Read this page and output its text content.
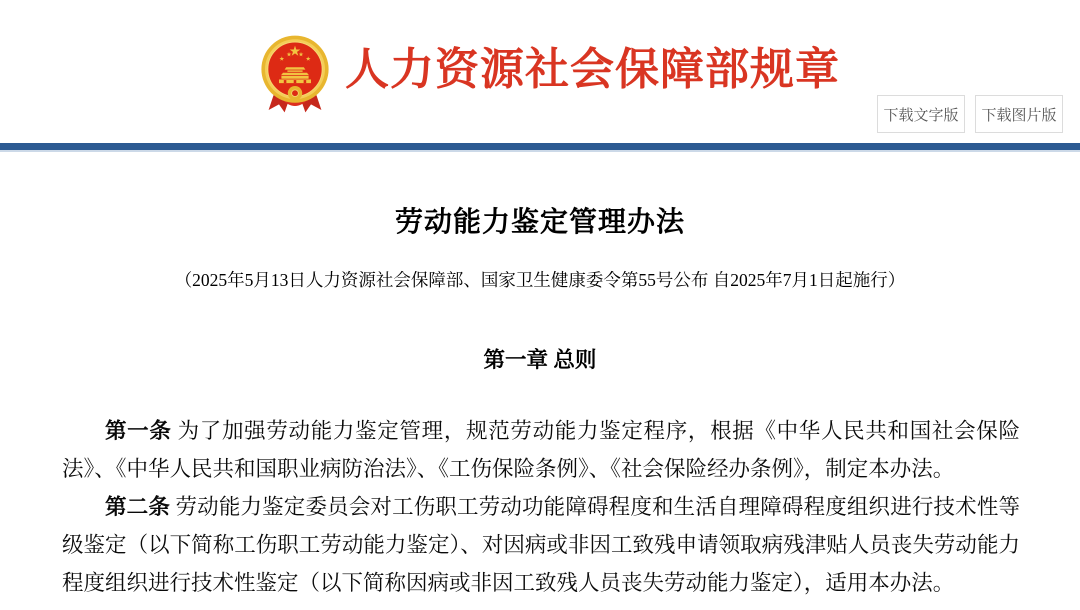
人力资源社会保障部规章
下载文字版	下载图片版
劳动能力鉴定管理办法

（2025年5月13日人力资源社会保障部、国家卫生健康委令第55号公布 自2025年7月1日起施行）

第一章 总则

第一条 为了加强劳动能力鉴定管理，规范劳动能力鉴定程序，根据《中华人民共和国社会保险法》、《中华人民共和国职业病防治法》、《工伤保险条例》、《社会保险经办条例》，制定本办法。

第二条 劳动能力鉴定委员会对工伤职工劳动功能障碍程度和生活自理障碍程度组织进行技术性等级鉴定（以下简称工伤职工劳动能力鉴定）、对因病或非因工致残申请领取病残津贴人员丧失劳动能力程度组织进行技术性鉴定（以下简称因病或非因工致残人员丧失劳动能力鉴定），适用本办法。
